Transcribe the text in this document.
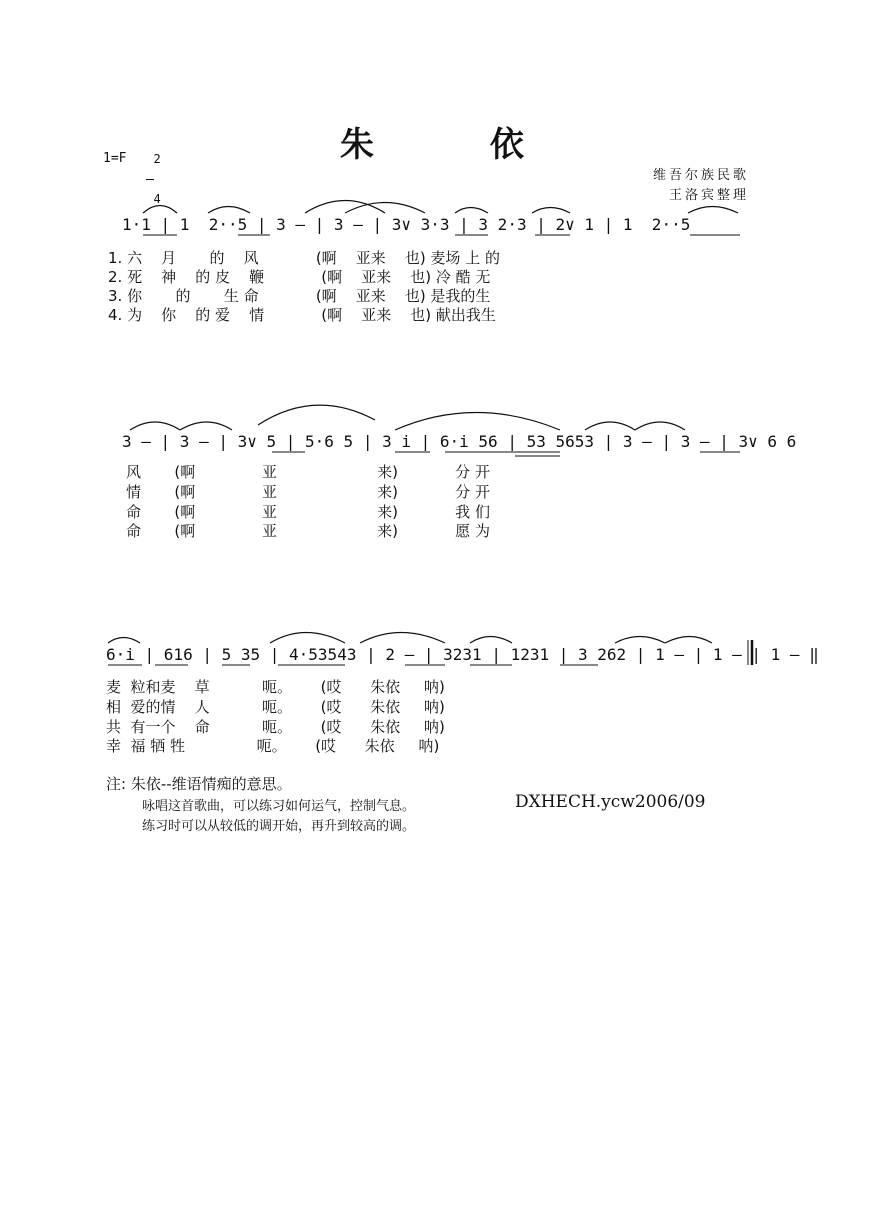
1=F	2

4

朱 依
维吾尔族民歌
王洛宾整理
1·1 | 1  2··5 | 3 – | 3 – | 3∨ 3·3 | 3 2·3 | 2∨ 1 | 1  2··5
1. 六    月       的    风            (啊    亚来    也) 麦场 上 的
2. 死    神    的 皮    鞭            (啊    亚来    也) 冷 酷 无
3. 你       的       生 命            (啊    亚来    也) 是我的生
4. 为    你    的 爱    情            (啊    亚来    也) 献出我生
3 – | 3 – | 3∨ 5 | 5·6 5 | 3 i | 6·i 56 | 53 5653 | 3 – | 3 – | 3∨ 6 6
风       (啊              亚                     来)            分 开
情       (啊              亚                     来)            分 开
命       (啊              亚                     来)            我 们
命       (啊              亚                     来)            愿 为
6·i | 616 | 5 35 | 4·53543 | 2 – | 3231 | 1231 | 3 262 | 1 – | 1 – | 1 – ‖
麦  粒和麦    草           呃。      (哎      朱依     呐)
相  爱的情    人           呃。      (哎      朱依     呐)
共  有一个    命           呃。      (哎      朱依     呐)
幸  福 牺 牲               呃。      (哎      朱依     呐)
注: 朱依--维语情痴的意思。
咏唱这首歌曲，可以练习如何运气，控制气息。
练习时可以从较低的调开始，再升到较高的调。
DXHECH.ycw2006/09
